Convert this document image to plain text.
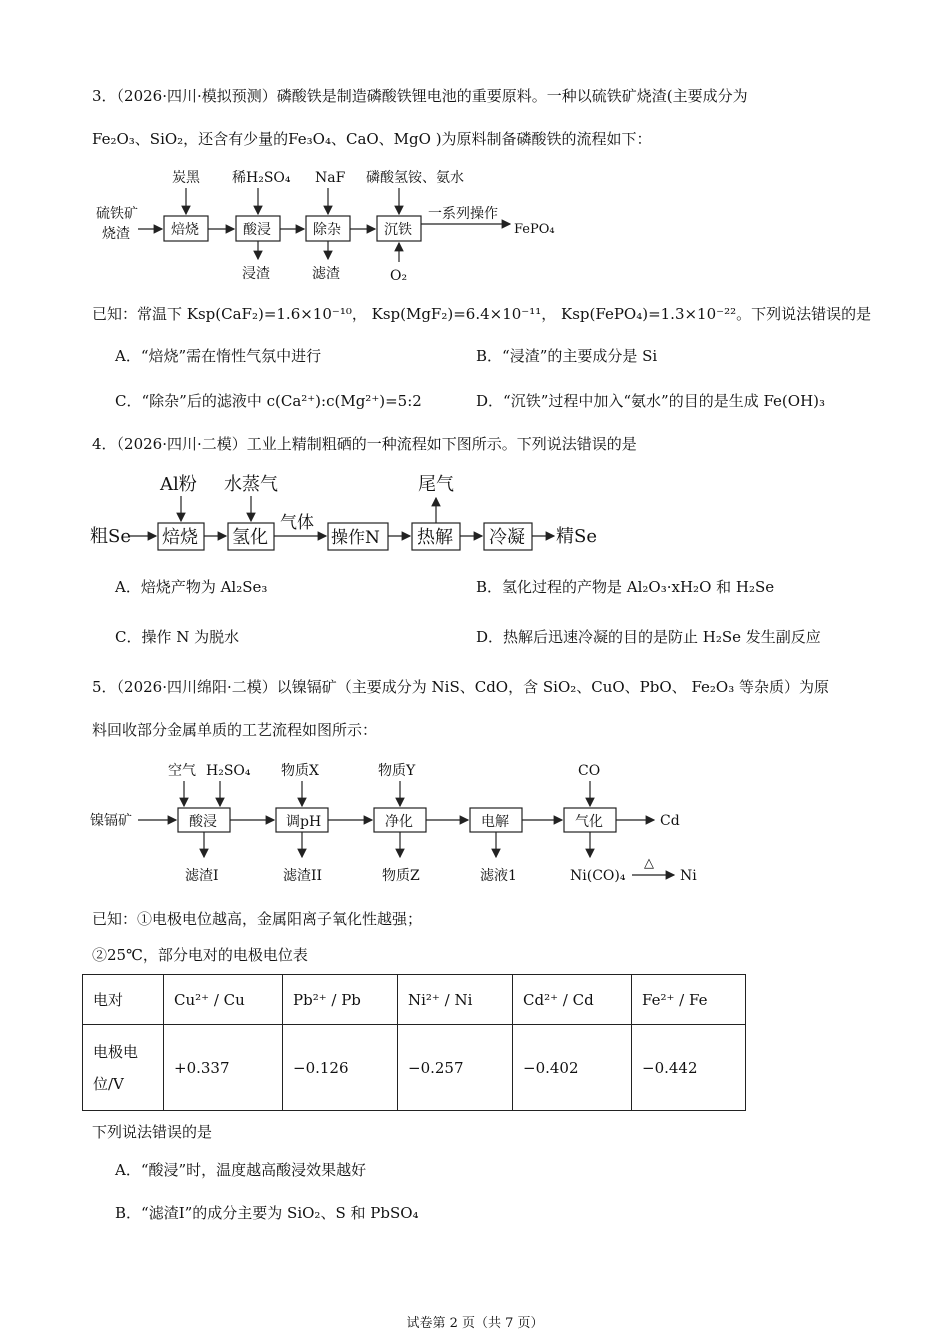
3．（2026·四川·模拟预测）磷酸铁是制造磷酸铁锂电池的重要原料。一种以硫铁矿烧渣(主要成分为
Fe₂O₃、SiO₂，还含有少量的Fe₃O₄、CaO、MgO )为原料制备磷酸铁的流程如下：
硫铁矿
烧渣	焙烧	酸浸	除杂	沉铁
一系列操作
FePO₄
炭黑 稀H₂SO₄ NaF 磷酸氢铵、氨水
浸渣	滤渣	O₂
已知：常温下 Ksp(CaF₂)=1.6×10⁻¹⁰， Ksp(MgF₂)=6.4×10⁻¹¹， Ksp(FePO₄)=1.3×10⁻²²。下列说法错误的是
A．“焙烧”需在惰性气氛中进行	B．“浸渣”的主要成分是 Si
C．“除杂”后的滤液中 c(Ca²⁺):c(Mg²⁺)=5:2	D．“沉铁”过程中加入“氨水”的目的是生成 Fe(OH)₃
4．（2026·四川·二模）工业上精制粗硒的一种流程如下图所示。下列说法错误的是
粗Se 焙烧 氢化
气体
操作N 热解 冷凝 精Se
Al粉 水蒸气	尾气
A．焙烧产物为 Al₂Se₃	B．氢化过程的产物是 Al₂O₃·xH₂O 和 H₂Se
C．操作 N 为脱水	D．热解后迅速冷凝的目的是防止 H₂Se 发生副反应
5．（2026·四川绵阳·二模）以镍镉矿（主要成分为 NiS、CdO，含 SiO₂、CuO、PbO、 Fe₂O₃ 等杂质）为原
料回收部分金属单质的工艺流程如图所示：
镍镉矿	酸浸	调pH	净化	电解	气化	Cd
空气 H₂SO₄ 物质X	物质Y	CO
滤渣I	滤渣II	物质Z	滤液1	Ni(CO)₄
△
Ni
已知：①电极电位越高，金属阳离子氧化性越强；
②25℃，部分电对的电极电位表
电对	Cu²⁺ / Cu	Pb²⁺ / Pb	Ni²⁺ / Ni	Cd²⁺ / Cd	Fe²⁺ / Fe
电极电
位/V	+0.337	−0.126	−0.257	−0.402	−0.442
下列说法错误的是
A．“酸浸”时，温度越高酸浸效果越好
B．“滤渣I”的成分主要为 SiO₂、S 和 PbSO₄
试卷第 2 页（共 7 页）
